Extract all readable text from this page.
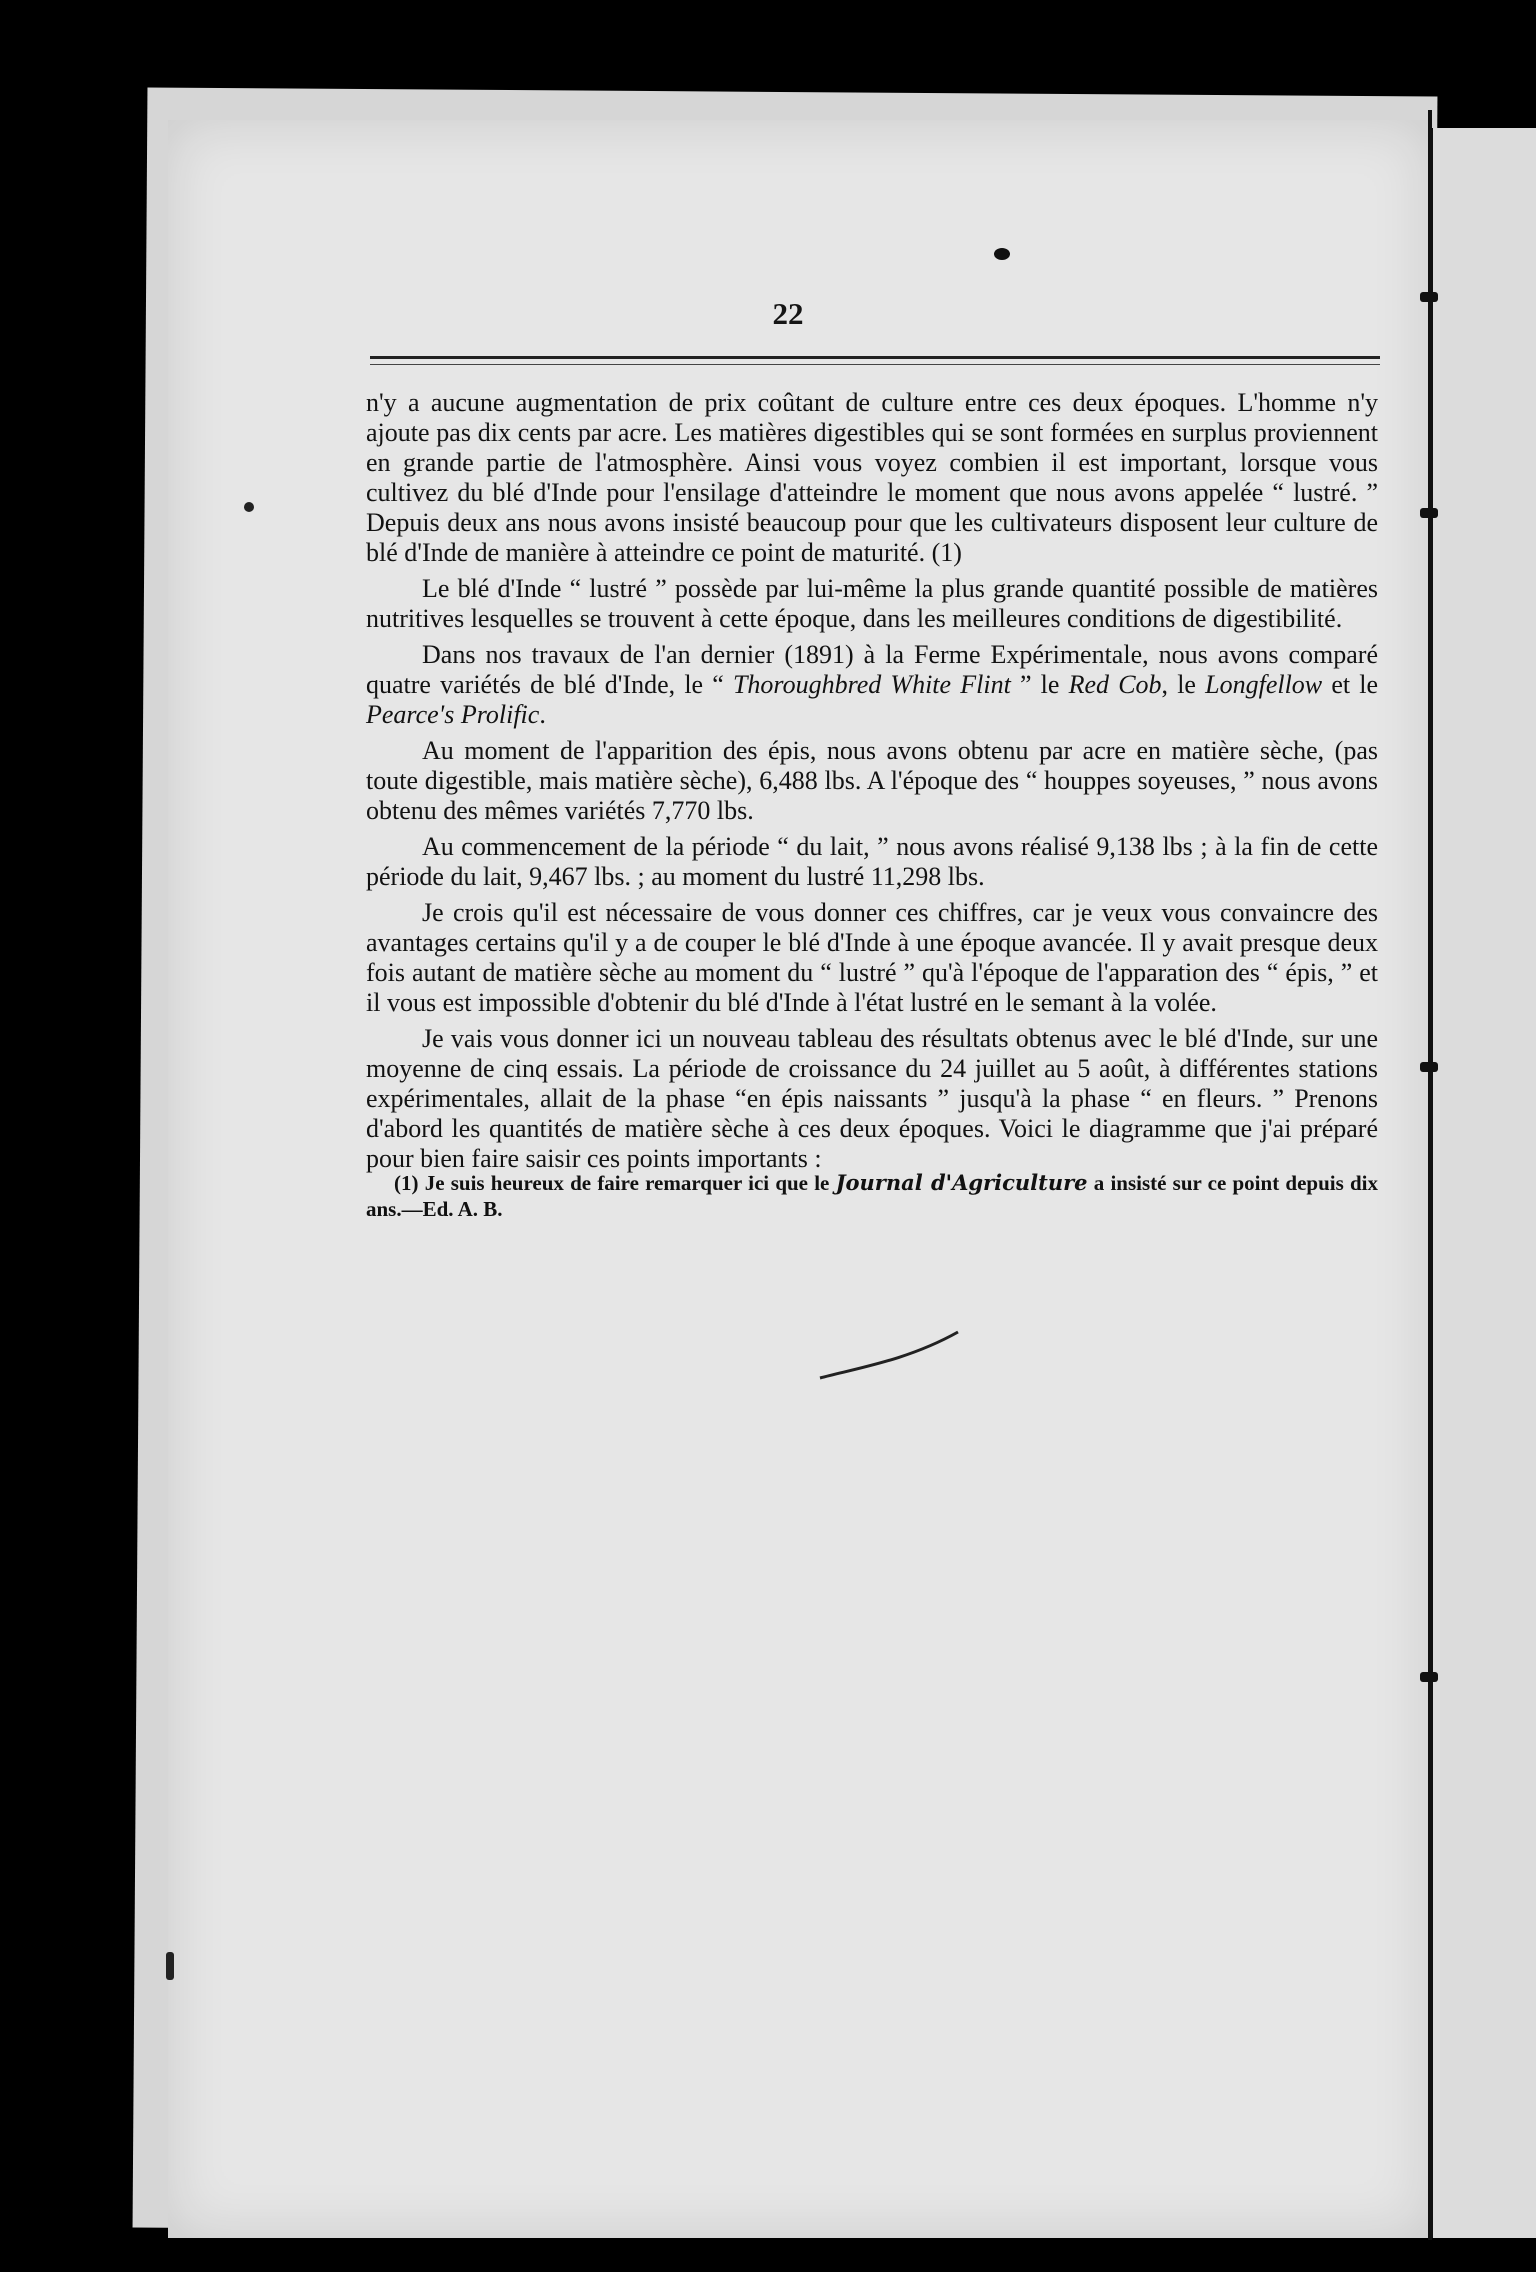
22

n'y a aucune augmentation de prix coûtant de culture entre ces deux époques. L'homme n'y ajoute pas dix cents par acre. Les matières digestibles qui se sont formées en surplus proviennent en grande partie de l'atmosphère. Ainsi vous voyez combien il est important, lorsque vous cultivez du blé d'Inde pour l'ensilage d'atteindre le moment que nous avons appelée “ lustré. ” Depuis deux ans nous avons insisté beaucoup pour que les cultivateurs disposent leur culture de blé d'Inde de manière à atteindre ce point de maturité. (1)

Le blé d'Inde “ lustré ” possède par lui-même la plus grande quantité possible de matières nutritives lesquelles se trouvent à cette époque, dans les meilleures conditions de digestibilité.

Dans nos travaux de l'an dernier (1891) à la Ferme Expérimentale, nous avons comparé quatre variétés de blé d'Inde, le “ Thoroughbred White Flint ” le Red Cob, le Longfellow et le Pearce's Prolific.

Au moment de l'apparition des épis, nous avons obtenu par acre en matière sèche, (pas toute digestible, mais matière sèche), 6,488 lbs. A l'époque des “ houppes soyeuses, ” nous avons obtenu des mêmes variétés 7,770 lbs.

Au commencement de la période “ du lait, ” nous avons réalisé 9,138 lbs ; à la fin de cette période du lait, 9,467 lbs. ; au moment du lustré 11,298 lbs.

Je crois qu'il est nécessaire de vous donner ces chiffres, car je veux vous convaincre des avantages certains qu'il y a de couper le blé d'Inde à une époque avancée. Il y avait presque deux fois autant de matière sèche au moment du “ lustré ” qu'à l'époque de l'apparation des “ épis, ” et il vous est impossible d'obtenir du blé d'Inde à l'état lustré en le semant à la volée.

Je vais vous donner ici un nouveau tableau des résultats obtenus avec le blé d'Inde, sur une moyenne de cinq essais. La période de croissance du 24 juillet au 5 août, à différentes stations expérimentales, allait de la phase “en épis naissants ” jusqu'à la phase “ en fleurs. ” Prenons d'abord les quantités de matière sèche à ces deux époques. Voici le diagramme que j'ai préparé pour bien faire saisir ces points importants :

(1) Je suis heureux de faire remarquer ici que le Journal d'Agriculture a insisté sur ce point depuis dix ans.—Ed. A. B.
